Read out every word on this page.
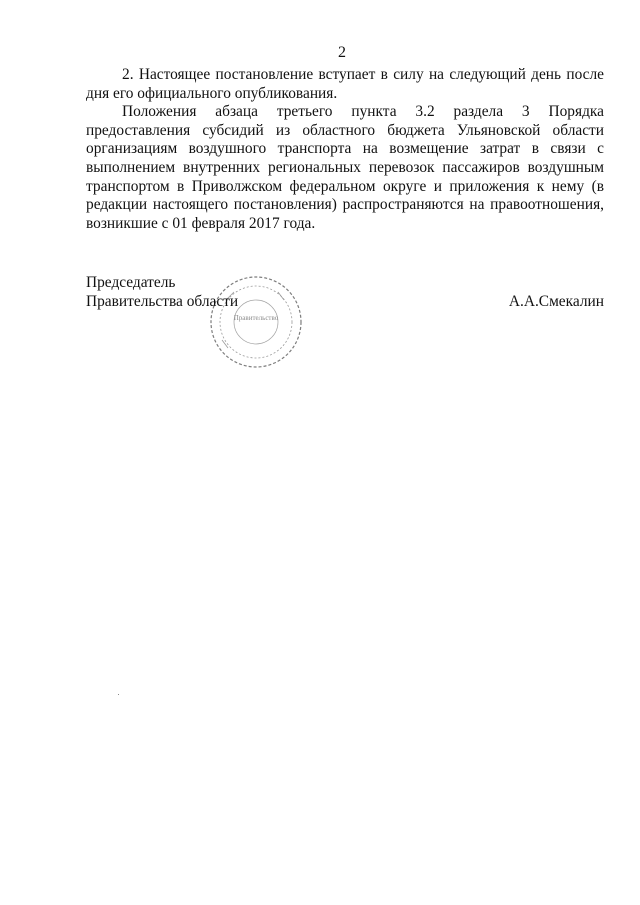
2

2. Настоящее постановление вступает в силу на следующий день после дня его официального опубликования.

Положения абзаца третьего пункта 3.2 раздела 3 Порядка предоставления субсидий из областного бюджета Ульяновской области организациям воздушного транспорта на возмещение затрат в связи с выполнением внутренних региональных перевозок пассажиров воздушным транспортом в Приволжском федеральном округе и приложения к нему (в редакции настоящего постановления) распространяются на правоотношения, возникшие с 01 февраля 2017 года.

Правительство
Председатель
Правительства области	А.А.Смекалин
